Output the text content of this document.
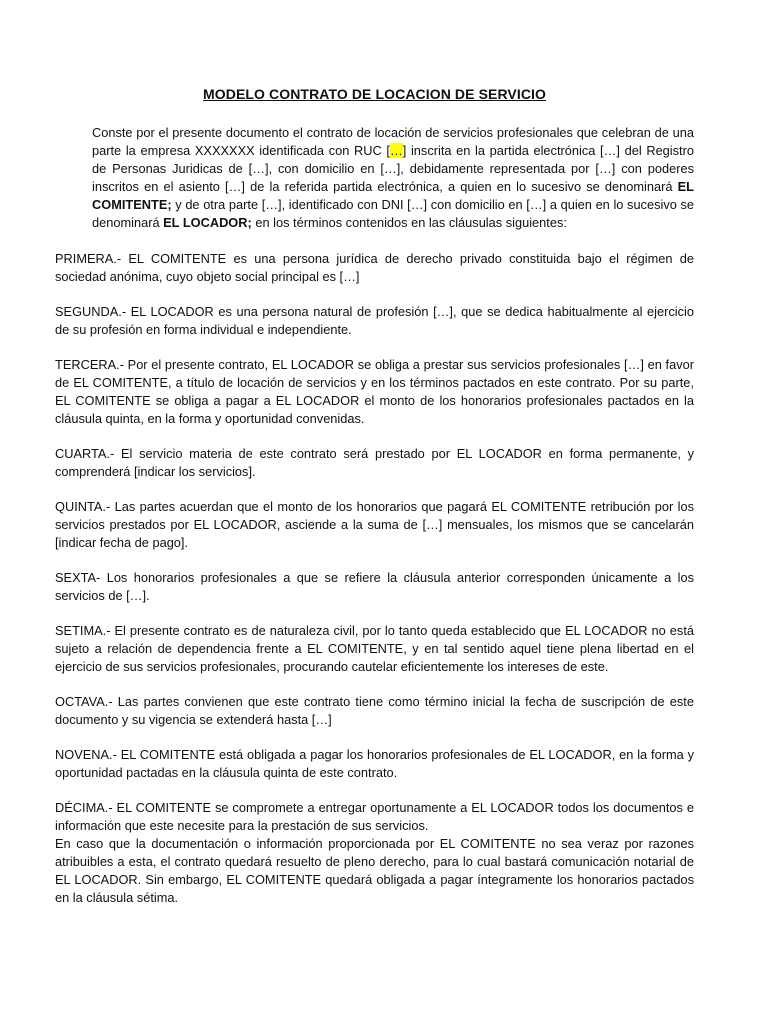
MODELO CONTRATO DE LOCACION DE SERVICIO

Conste por el presente documento el contrato de locación de servicios profesionales que celebran de una parte la empresa XXXXXXX identificada con RUC […] inscrita en la partida electrónica […] del Registro de Personas Juridicas de […], con domicilio en […], debidamente representada por […] con poderes inscritos en el asiento […] de la referida partida electrónica, a quien en lo sucesivo se denominará EL COMITENTE; y de otra parte […], identificado con DNI […] con domicilio en […] a quien en lo sucesivo se denominará EL LOCADOR; en los términos contenidos en las cláusulas siguientes:

PRIMERA.- EL COMITENTE es una persona jurídica de derecho privado constituida bajo el régimen de sociedad anónima, cuyo objeto social principal es […]

SEGUNDA.- EL LOCADOR es una persona natural de profesión […], que se dedica habitualmente al ejercicio de su profesión en forma individual e independiente.

TERCERA.- Por el presente contrato, EL LOCADOR se obliga a prestar sus servicios profesionales […] en favor de EL COMITENTE, a título de locación de servicios y en los términos pactados en este contrato. Por su parte, EL COMITENTE se obliga a pagar a EL LOCADOR el monto de los honorarios profesionales pactados en la cláusula quinta, en la forma y oportunidad convenidas.

CUARTA.- El servicio materia de este contrato será prestado por EL LOCADOR en forma permanente, y comprenderá [indicar los servicios].

QUINTA.- Las partes acuerdan que el monto de los honorarios que pagará EL COMITENTE retribución por los servicios prestados por EL LOCADOR, asciende a la suma de […] mensuales, los mismos que se cancelarán [indicar fecha de pago].

SEXTA- Los honorarios profesionales a que se refiere la cláusula anterior corresponden únicamente a los servicios de […].

SETIMA.- El presente contrato es de naturaleza civil, por lo tanto queda establecido que EL LOCADOR no está sujeto a relación de dependencia frente a EL COMITENTE, y en tal sentido aquel tiene plena libertad en el ejercicio de sus servicios profesionales, procurando cautelar eficientemente los intereses de este.

OCTAVA.- Las partes convienen que este contrato tiene como término inicial la fecha de suscripción de este documento y su vigencia se extenderá hasta […]

NOVENA.- EL COMITENTE está obligada a pagar los honorarios profesionales de EL LOCADOR, en la forma y oportunidad pactadas en la cláusula quinta de este contrato.

DÉCIMA.- EL COMITENTE se compromete a entregar oportunamente a EL LOCADOR todos los documentos e información que este necesite para la prestación de sus servicios.

En caso que la documentación o información proporcionada por EL COMITENTE no sea veraz por razones atribuibles a esta, el contrato quedará resuelto de pleno derecho, para lo cual bastará comunicación notarial de EL LOCADOR. Sin embargo, EL COMITENTE quedará obligada a pagar íntegramente los honorarios pactados en la cláusula sétima.
